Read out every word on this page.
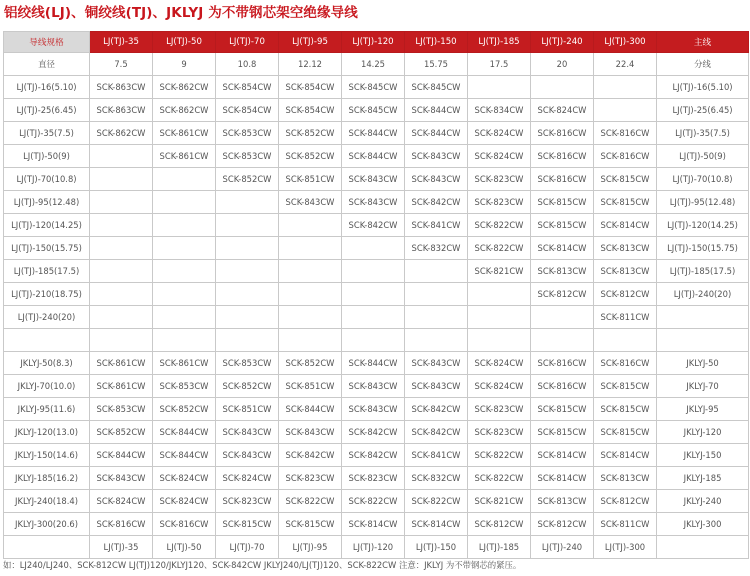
铝绞线(LJ)、铜绞线(TJ)、JKLYJ 为不带钢芯架空绝缘导线
导线规格	LJ(TJ)-35	LJ(TJ)-50	LJ(TJ)-70	LJ(TJ)-95	LJ(TJ)-120	LJ(TJ)-150	LJ(TJ)-185	LJ(TJ)-240	LJ(TJ)-300	主线
直径	7.5	9	10.8	12.12	14.25	15.75	17.5	20	22.4	分线
LJ(TJ)-16(5.10)	SCK-863CW	SCK-862CW	SCK-854CW	SCK-854CW	SCK-845CW	SCK-845CW				LJ(TJ)-16(5.10)
LJ(TJ)-25(6.45)	SCK-863CW	SCK-862CW	SCK-854CW	SCK-854CW	SCK-845CW	SCK-844CW	SCK-834CW	SCK-824CW		LJ(TJ)-25(6.45)
LJ(TJ)-35(7.5)	SCK-862CW	SCK-861CW	SCK-853CW	SCK-852CW	SCK-844CW	SCK-844CW	SCK-824CW	SCK-816CW	SCK-816CW	LJ(TJ)-35(7.5)
LJ(TJ)-50(9)		SCK-861CW	SCK-853CW	SCK-852CW	SCK-844CW	SCK-843CW	SCK-824CW	SCK-816CW	SCK-816CW	LJ(TJ)-50(9)
LJ(TJ)-70(10.8)			SCK-852CW	SCK-851CW	SCK-843CW	SCK-843CW	SCK-823CW	SCK-816CW	SCK-815CW	LJ(TJ)-70(10.8)
LJ(TJ)-95(12.48)				SCK-843CW	SCK-843CW	SCK-842CW	SCK-823CW	SCK-815CW	SCK-815CW	LJ(TJ)-95(12.48)
LJ(TJ)-120(14.25)					SCK-842CW	SCK-841CW	SCK-822CW	SCK-815CW	SCK-814CW	LJ(TJ)-120(14.25)
LJ(TJ)-150(15.75)						SCK-832CW	SCK-822CW	SCK-814CW	SCK-813CW	LJ(TJ)-150(15.75)
LJ(TJ)-185(17.5)							SCK-821CW	SCK-813CW	SCK-813CW	LJ(TJ)-185(17.5)
LJ(TJ)-210(18.75)								SCK-812CW	SCK-812CW	LJ(TJ)-240(20)
LJ(TJ)-240(20)									SCK-811CW	

JKLYJ-50(8.3)	SCK-861CW	SCK-861CW	SCK-853CW	SCK-852CW	SCK-844CW	SCK-843CW	SCK-824CW	SCK-816CW	SCK-816CW	JKLYJ-50
JKLYJ-70(10.0)	SCK-861CW	SCK-853CW	SCK-852CW	SCK-851CW	SCK-843CW	SCK-843CW	SCK-824CW	SCK-816CW	SCK-815CW	JKLYJ-70
JKLYJ-95(11.6)	SCK-853CW	SCK-852CW	SCK-851CW	SCK-844CW	SCK-843CW	SCK-842CW	SCK-823CW	SCK-815CW	SCK-815CW	JKLYJ-95
JKLYJ-120(13.0)	SCK-852CW	SCK-844CW	SCK-843CW	SCK-843CW	SCK-842CW	SCK-842CW	SCK-823CW	SCK-815CW	SCK-815CW	JKLYJ-120
JKLYJ-150(14.6)	SCK-844CW	SCK-844CW	SCK-843CW	SCK-842CW	SCK-842CW	SCK-841CW	SCK-822CW	SCK-814CW	SCK-814CW	JKLYJ-150
JKLYJ-185(16.2)	SCK-843CW	SCK-824CW	SCK-824CW	SCK-823CW	SCK-823CW	SCK-832CW	SCK-822CW	SCK-814CW	SCK-813CW	JKLYJ-185
JKLYJ-240(18.4)	SCK-824CW	SCK-824CW	SCK-823CW	SCK-822CW	SCK-822CW	SCK-822CW	SCK-821CW	SCK-813CW	SCK-812CW	JKLYJ-240
JKLYJ-300(20.6)	SCK-816CW	SCK-816CW	SCK-815CW	SCK-815CW	SCK-814CW	SCK-814CW	SCK-812CW	SCK-812CW	SCK-811CW	JKLYJ-300
	LJ(TJ)-35	LJ(TJ)-50	LJ(TJ)-70	LJ(TJ)-95	LJ(TJ)-120	LJ(TJ)-150	LJ(TJ)-185	LJ(TJ)-240	LJ(TJ)-300	
如：LJ240/LJ240、SCK-812CW LJ(TJ)120/JKLYJ120、SCK-842CW JKLYJ240/LJ(TJ)120、SCK-822CW 注意：JKLYJ 为不带钢芯的紧压。
